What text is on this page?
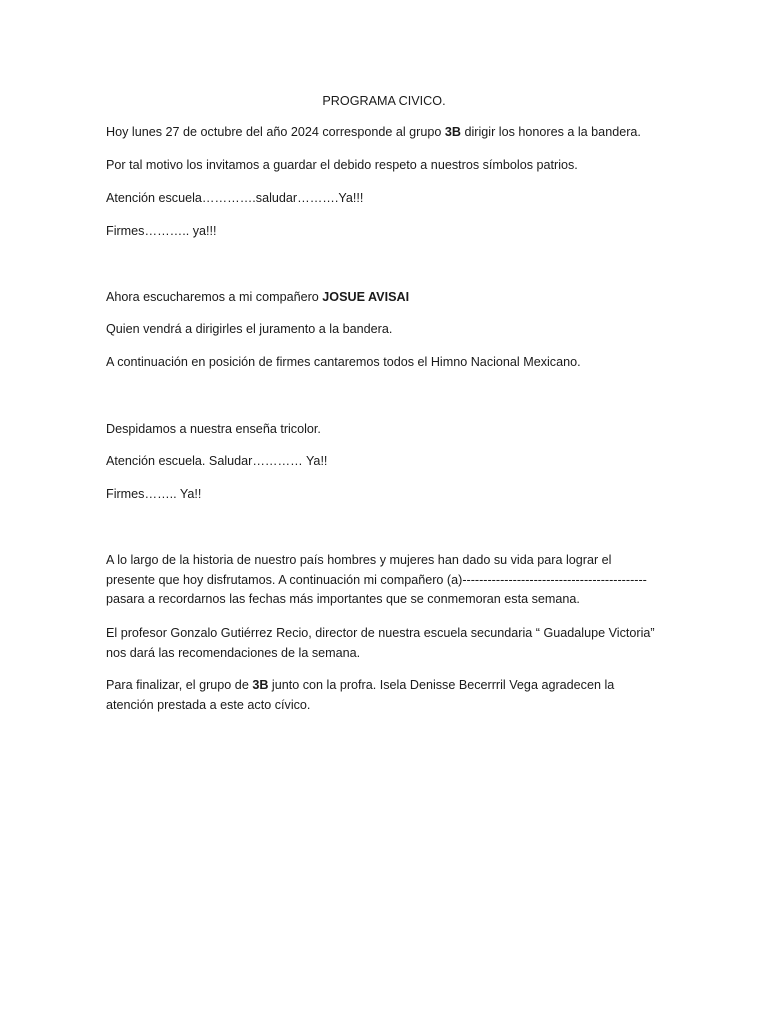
PROGRAMA CIVICO.

Hoy lunes 27 de octubre del año 2024 corresponde al grupo 3B dirigir los honores a la bandera.

Por tal motivo los invitamos a guardar el debido respeto a nuestros símbolos patrios.

Atención escuela………….saludar……….Ya!!!

Firmes……….. ya!!!

Ahora escucharemos a mi compañero JOSUE AVISAI

Quien vendrá a dirigirles el juramento a la bandera.

A continuación en posición de firmes cantaremos todos el Himno Nacional Mexicano.

Despidamos a nuestra enseña tricolor.

Atención escuela. Saludar………… Ya!!

Firmes…….. Ya!!

A lo largo de la historia de nuestro país hombres y mujeres han dado su vida para lograr el
presente que hoy disfrutamos. A continuación mi compañero (a)--------------------------------------------
pasara a recordarnos las fechas más importantes que se conmemoran esta semana.

El profesor Gonzalo Gutiérrez Recio, director de nuestra escuela secundaria “ Guadalupe Victoria”
nos dará las recomendaciones de la semana.

Para finalizar, el grupo de 3B junto con la profra. Isela Denisse Becerrril Vega agradecen la
atención prestada a este acto cívico.
